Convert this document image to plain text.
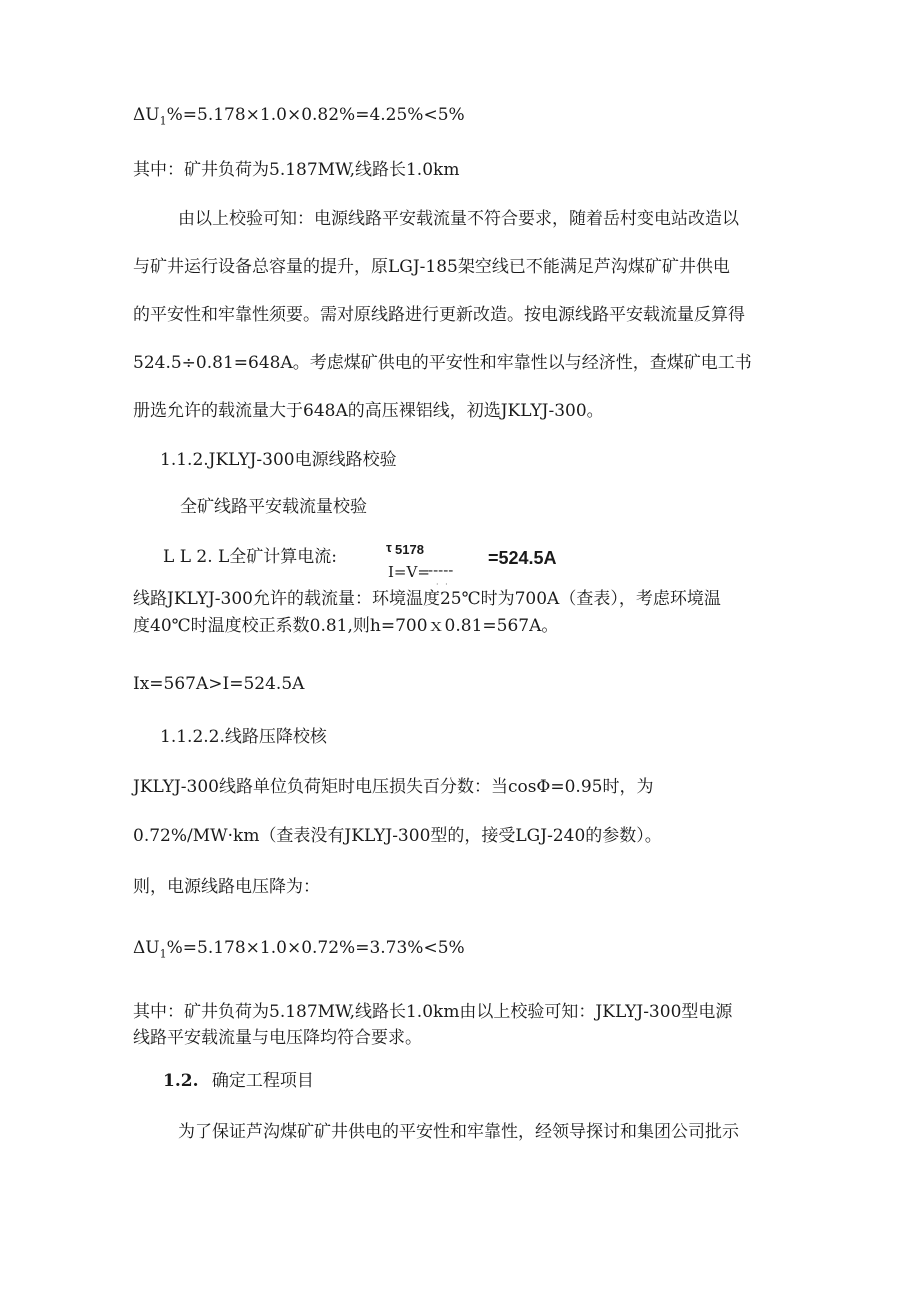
$\Delta U_1\%=5.178\times 1.0\times 0.82\%=4.25\%<5\%$
其中：矿井负荷为5.187MW,线路长1.0km
由以上校验可知：电源线路平安载流量不符合要求，随着岳村变电站改造以
与矿井运行设备总容量的提升，原LGJ-185架空线已不能满足芦沟煤矿矿井供电
的平安性和牢靠性须要。需对原线路进行更新改造。按电源线路平安载流量反算得
524.5÷0.81=648A。考虑煤矿供电的平安性和牢靠性以与经济性，查煤矿电工书
册选允许的载流量大于648A的高压裸铝线，初选JKLYJ-300。
1.1.2.JKLYJ-300电源线路校验
全矿线路平安载流量校验
L L 2. L全矿计算电流:	τ 5178
I=V=
-----
=524.5A
· ·
线路JKLYJ-300允许的载流量：环境温度25℃时为700A（查表），考虑环境温
度40℃时温度校正系数0.81,则h=700ｘ0.81=567A。
Ix=567A>I=524.5A
1.1.2.2.线路压降校核
JKLYJ-300线路单位负荷矩时电压损失百分数：当cosΦ=0.95时，为
0.72%/MW·km（查表没有JKLYJ-300型的，接受LGJ-240的参数）。
则，电源线路电压降为：
$\Delta U_1\%=5.178\times 1.0\times 0.72\%=3.73\%<5\%$
其中：矿井负荷为5.187MW,线路长1.0km由以上校验可知：JKLYJ-300型电源
线路平安载流量与电压降均符合要求。
1.2. 确定工程项目
为了保证芦沟煤矿矿井供电的平安性和牢靠性，经领导探讨和集团公司批示
